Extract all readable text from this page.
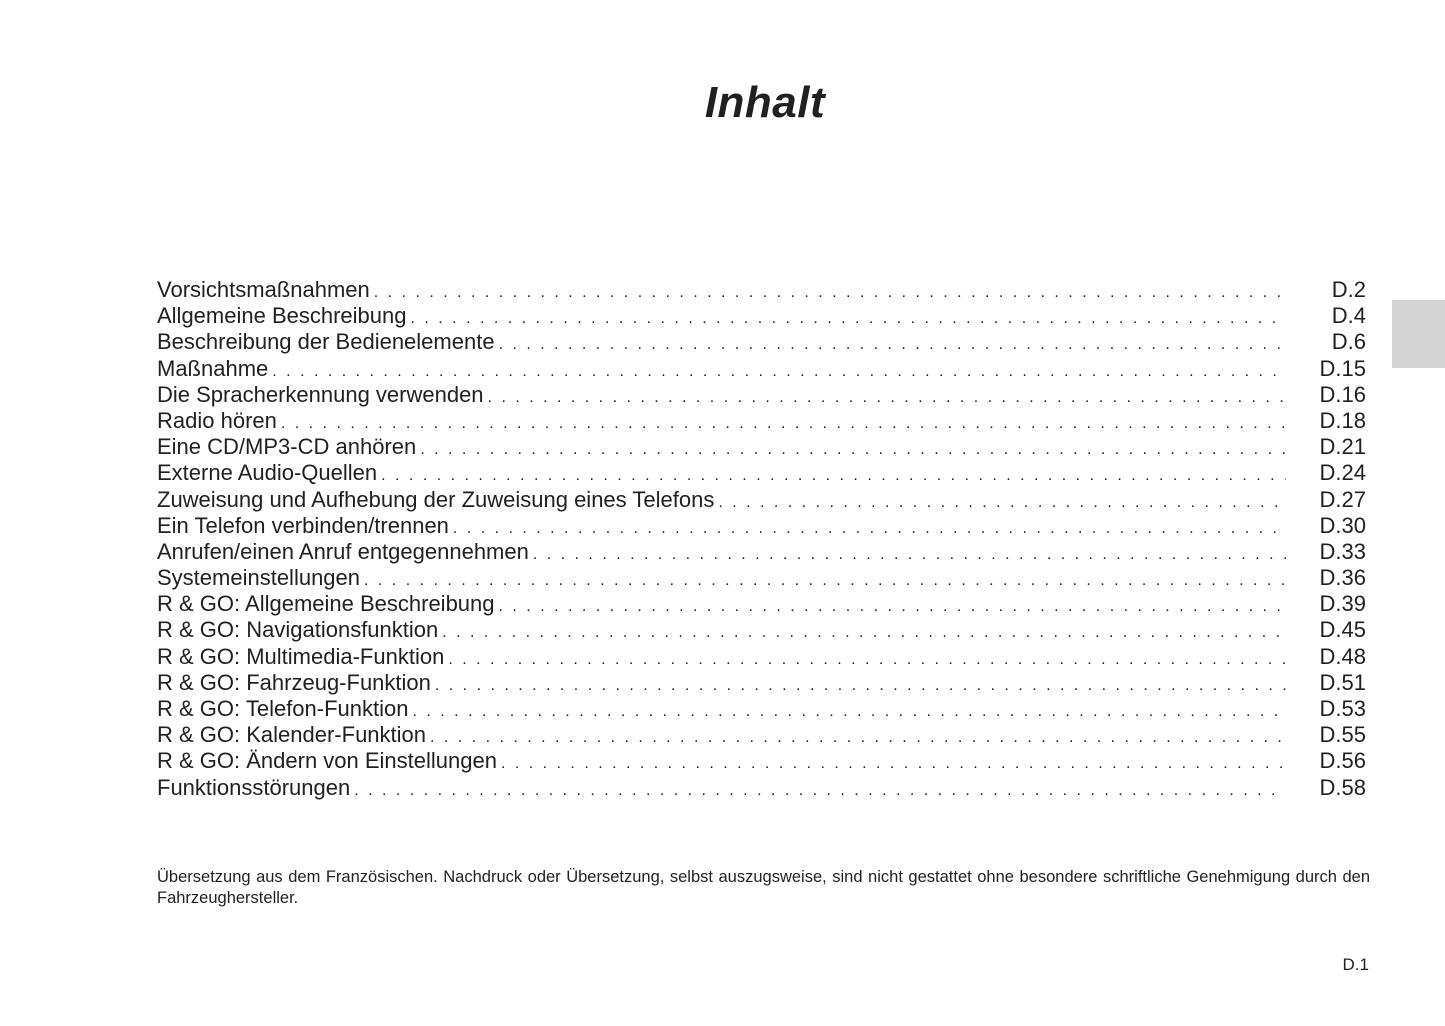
Inhalt
Vorsichtsmaßnahmen . . .	D.2
Allgemeine Beschreibung . . .	D.4
Beschreibung der Bedienelemente . . .	D.6
Maßnahme . . .	D.15
Die Spracherkennung verwenden . . .	D.16
Radio hören . . .	D.18
Eine CD/MP3-CD anhören . . .	D.21
Externe Audio-Quellen . . .	D.24
Zuweisung und Aufhebung der Zuweisung eines Telefons . . .	D.27
Ein Telefon verbinden/trennen . . .	D.30
Anrufen/einen Anruf entgegennehmen . . .	D.33
Systemeinstellungen . . .	D.36
R & GO: Allgemeine Beschreibung . . .	D.39
R & GO: Navigationsfunktion . . .	D.45
R & GO: Multimedia-Funktion . . .	D.48
R & GO: Fahrzeug-Funktion . . .	D.51
R & GO: Telefon-Funktion . . .	D.53
R & GO: Kalender-Funktion . . .	D.55
R & GO: Ändern von Einstellungen . . .	D.56
Funktionsstörungen . . .	D.58

Übersetzung aus dem Französischen. Nachdruck oder Übersetzung, selbst auszugsweise, sind nicht gestattet ohne besondere schriftliche Genehmigung durch den Fahrzeughersteller.

D.1
